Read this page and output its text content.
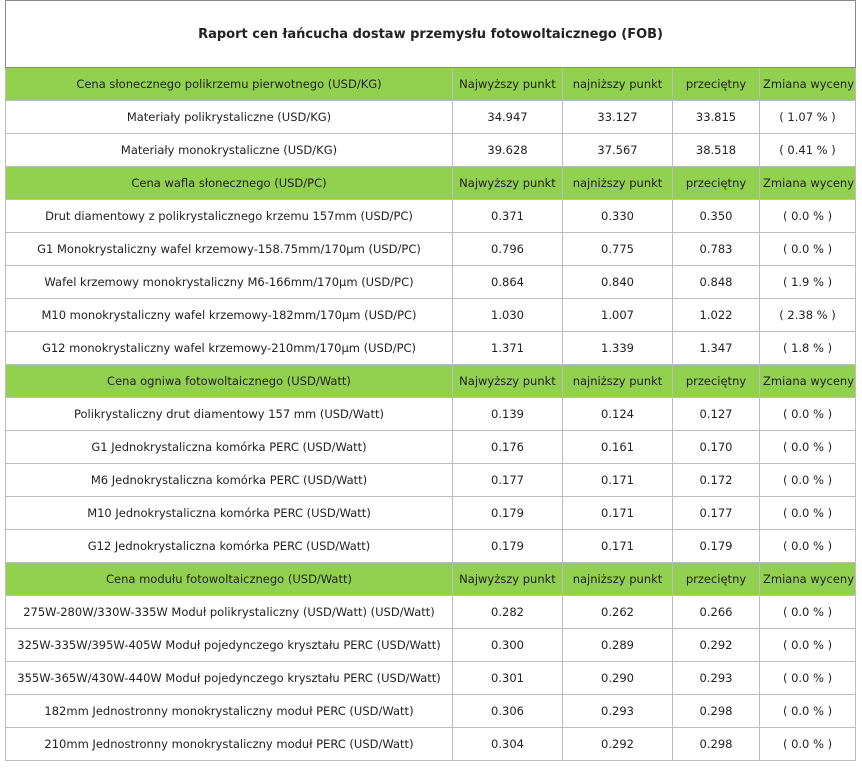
Raport cen łańcucha dostaw przemysłu fotowoltaicznego (FOB)				
Cena słonecznego polikrzemu pierwotnego (USD/KG)	Najwyższy punkt	najniższy punkt	przeciętny	Zmiana wyceny
Materiały polikrystaliczne (USD/KG)	34.947	33.127	33.815	( 1.07 % )
Materiały monokrystaliczne (USD/KG)	39.628	37.567	38.518	( 0.41 % )
Cena wafla słonecznego (USD/PC)	Najwyższy punkt	najniższy punkt	przeciętny	Zmiana wyceny
Drut diamentowy z polikrystalicznego krzemu 157mm (USD/PC)	0.371	0.330	0.350	( 0.0 % )
G1 Monokrystaliczny wafel krzemowy-158.75mm/170μm (USD/PC)	0.796	0.775	0.783	( 0.0 % )
Wafel krzemowy monokrystaliczny M6-166mm/170μm (USD/PC)	0.864	0.840	0.848	( 1.9 % )
M10 monokrystaliczny wafel krzemowy-182mm/170μm (USD/PC)	1.030	1.007	1.022	( 2.38 % )
G12 monokrystaliczny wafel krzemowy-210mm/170μm (USD/PC)	1.371	1.339	1.347	( 1.8 % )
Cena ogniwa fotowoltaicznego (USD/Watt)	Najwyższy punkt	najniższy punkt	przeciętny	Zmiana wyceny
Polikrystaliczny drut diamentowy 157 mm (USD/Watt)	0.139	0.124	0.127	( 0.0 % )
G1 Jednokrystaliczna komórka PERC (USD/Watt)	0.176	0.161	0.170	( 0.0 % )
M6 Jednokrystaliczna komórka PERC (USD/Watt)	0.177	0.171	0.172	( 0.0 % )
M10 Jednokrystaliczna komórka PERC (USD/Watt)	0.179	0.171	0.177	( 0.0 % )
G12 Jednokrystaliczna komórka PERC (USD/Watt)	0.179	0.171	0.179	( 0.0 % )
Cena modułu fotowoltaicznego (USD/Watt)	Najwyższy punkt	najniższy punkt	przeciętny	Zmiana wyceny
275W-280W/330W-335W Moduł polikrystaliczny (USD/Watt) (USD/Watt)	0.282	0.262	0.266	( 0.0 % )
325W-335W/395W-405W Moduł pojedynczego kryształu PERC (USD/Watt)	0.300	0.289	0.292	( 0.0 % )
355W-365W/430W-440W Moduł pojedynczego kryształu PERC (USD/Watt)	0.301	0.290	0.293	( 0.0 % )
182mm Jednostronny monokrystaliczny moduł PERC (USD/Watt)	0.306	0.293	0.298	( 0.0 % )
210mm Jednostronny monokrystaliczny moduł PERC (USD/Watt)	0.304	0.292	0.298	( 0.0 % )
